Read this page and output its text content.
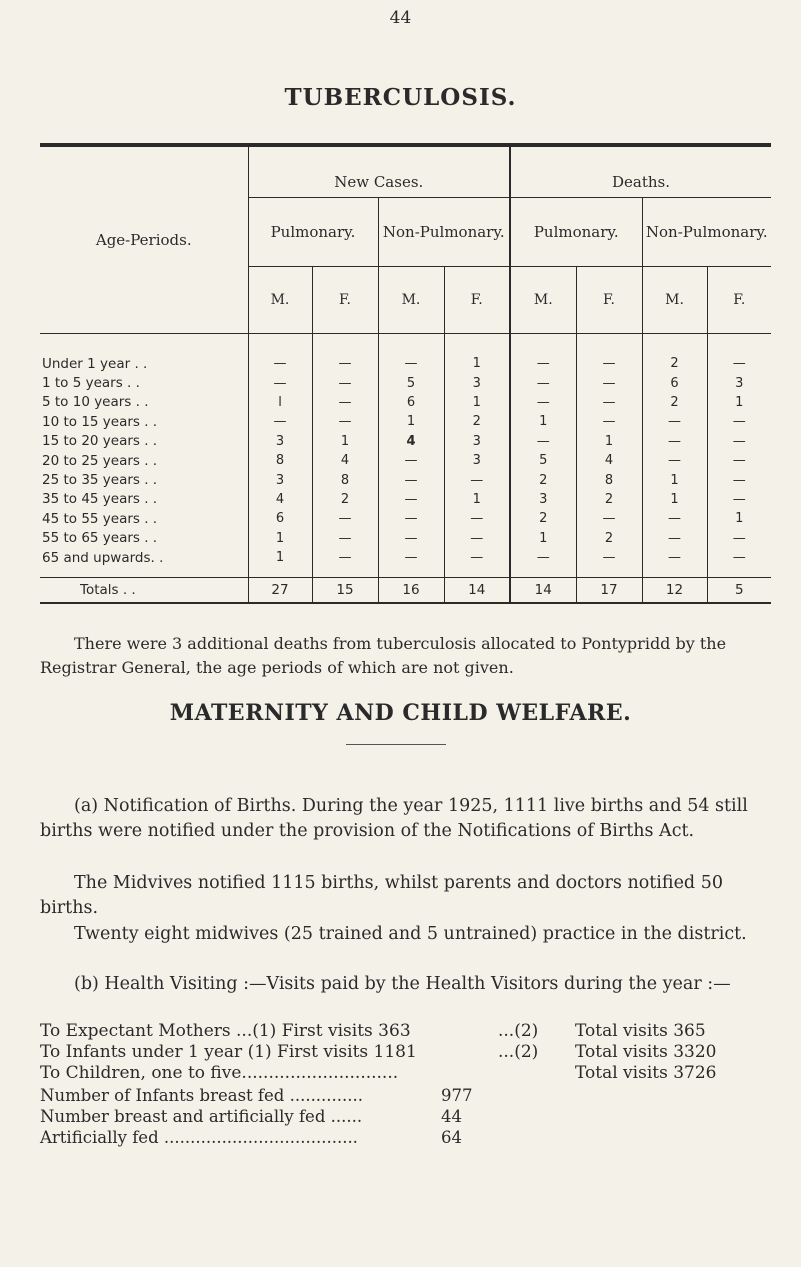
44
TUBERCULOSIS.
Age-Periods.	New Cases.				Deaths.			
	Pulmonary.		Non-Pulmonary.		Pulmonary.		Non-Pulmonary.	
	M.	F.	M.	F.	M.	F.	M.	F.
Under 1 year . .	—	—	—	1	—	—	2	—
1 to 5 years . .	—	—	5	3	—	—	6	3
5 to 10 years . .	l	—	6	1	—	—	2	1
10 to 15 years . .	—	—	1	2	1	—	—	—
15 to 20 years . .	3	1	4	3	—	1	—	—
20 to 25 years . .	8	4	—	3	5	4	—	—
25 to 35 years . .	3	8	—	—	2	8	1	—
35 to 45 years . .	4	2	—	1	3	2	1	—
45 to 55 years . .	6	—	—	—	2	—	—	1
55 to 65 years . .	1	—	—	—	1	2	—	—
65 and upwards. .	1	—	—	—	—	—	—	—
Totals . .	27	15	16	14	14	17	12	5
There were 3 additional deaths from tuberculosis allocated to Pontypridd by the Registrar General, the age periods of which are not given.
MATERNITY AND CHILD WELFARE.
(a) Notification of Births. During the year 1925, 1111 live births and 54 still births were notified under the provision of the Notifications of Births Act.
The Midvives notified 1115 births, whilst parents and doctors notified 50 births.
Twenty eight midwives (25 trained and 5 untrained) practice in the district.
(b) Health Visiting :—Visits paid by the Health Visitors during the year :—
To Expectant Mothers ...(1) First visits 363	...(2) Total visits 365
To Infants under 1 year (1) First visits 1181	...(2) Total visits 3320
To Children, one to five.............................	Total visits 3726
Number of Infants breast fed ..............	977
Number breast and artificially fed ......	44
Artificially fed .....................................	64
